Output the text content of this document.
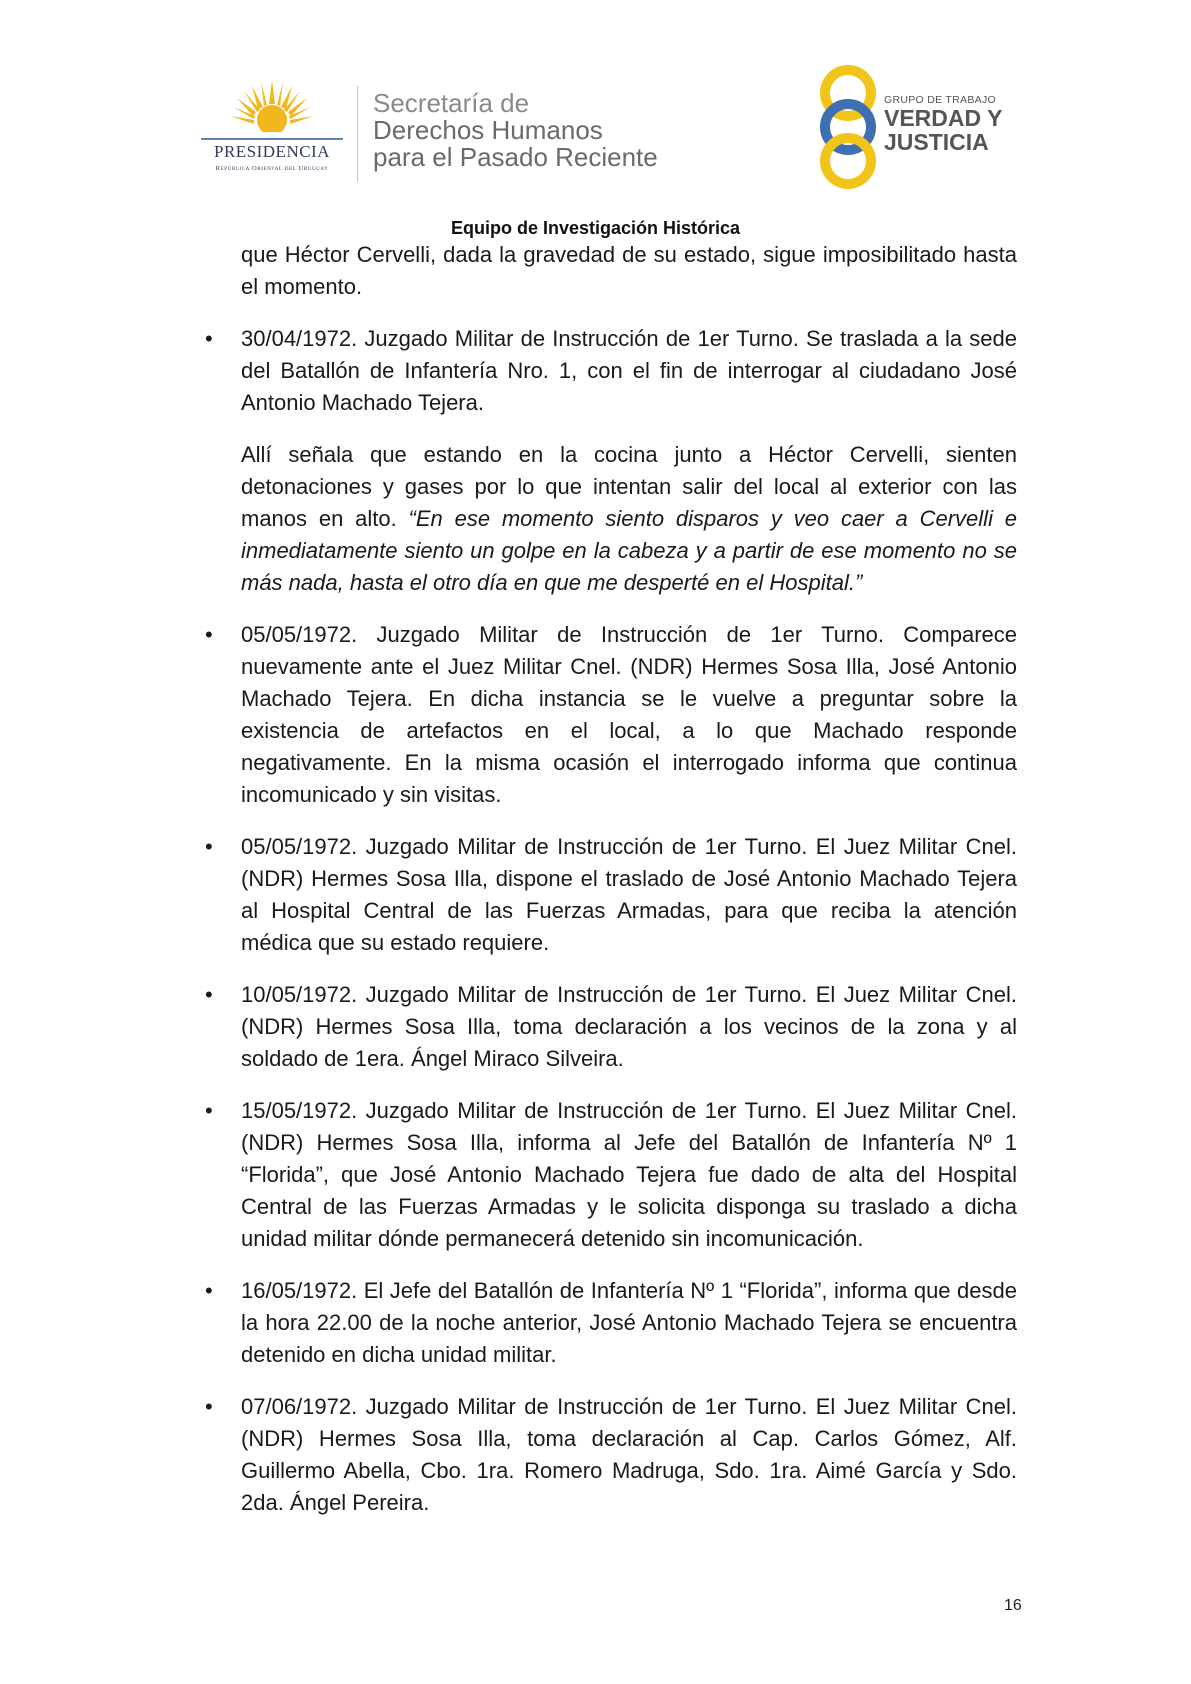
PRESIDENCIA
República Oriental del Uruguay
Secretaría de
Derechos Humanos
para el Pasado Reciente
GRUPO DE TRABAJO
VERDAD Y
JUSTICIA
Equipo de Investigación Histórica

que Héctor Cervelli, dada la gravedad de su estado, sigue imposibilitado hasta el momento.

• 30/04/1972. Juzgado Militar de Instrucción de 1er Turno. Se traslada a la sede del Batallón de Infantería Nro. 1, con el fin de interrogar al ciudadano José Antonio Machado Tejera.

Allí señala que estando en la cocina junto a Héctor Cervelli, sienten detonaciones y gases por lo que intentan salir del local al exterior con las manos en alto. “En ese momento siento disparos y veo caer a Cervelli e inmediatamente siento un golpe en la cabeza y a partir de ese momento no se más nada, hasta el otro día en que me desperté en el Hospital.”

• 05/05/1972. Juzgado Militar de Instrucción de 1er Turno. Comparece nuevamente ante el Juez Militar Cnel. (NDR) Hermes Sosa Illa, José Antonio Machado Tejera. En dicha instancia se le vuelve a preguntar sobre la existencia de artefactos en el local, a lo que Machado responde negativamente. En la misma ocasión el interrogado informa que continua incomunicado y sin visitas.

• 05/05/1972. Juzgado Militar de Instrucción de 1er Turno. El Juez Militar Cnel. (NDR) Hermes Sosa Illa, dispone el traslado de José Antonio Machado Tejera al Hospital Central de las Fuerzas Armadas, para que reciba la atención médica que su estado requiere.

• 10/05/1972. Juzgado Militar de Instrucción de 1er Turno. El Juez Militar Cnel. (NDR) Hermes Sosa Illa, toma declaración a los vecinos de la zona y al soldado de 1era. Ángel Miraco Silveira.

• 15/05/1972. Juzgado Militar de Instrucción de 1er Turno. El Juez Militar Cnel. (NDR) Hermes Sosa Illa, informa al Jefe del Batallón de Infantería Nº 1 “Florida”, que José Antonio Machado Tejera fue dado de alta del Hospital Central de las Fuerzas Armadas y le solicita disponga su traslado a dicha unidad militar dónde permanecerá detenido sin incomunicación.

• 16/05/1972. El Jefe del Batallón de Infantería Nº 1 “Florida”, informa que desde la hora 22.00 de la noche anterior, José Antonio Machado Tejera se encuentra detenido en dicha unidad militar.

• 07/06/1972. Juzgado Militar de Instrucción de 1er Turno. El Juez Militar Cnel. (NDR) Hermes Sosa Illa, toma declaración al Cap. Carlos Gómez, Alf. Guillermo Abella, Cbo. 1ra. Romero Madruga, Sdo. 1ra. Aimé García y Sdo. 2da. Ángel Pereira.

16
